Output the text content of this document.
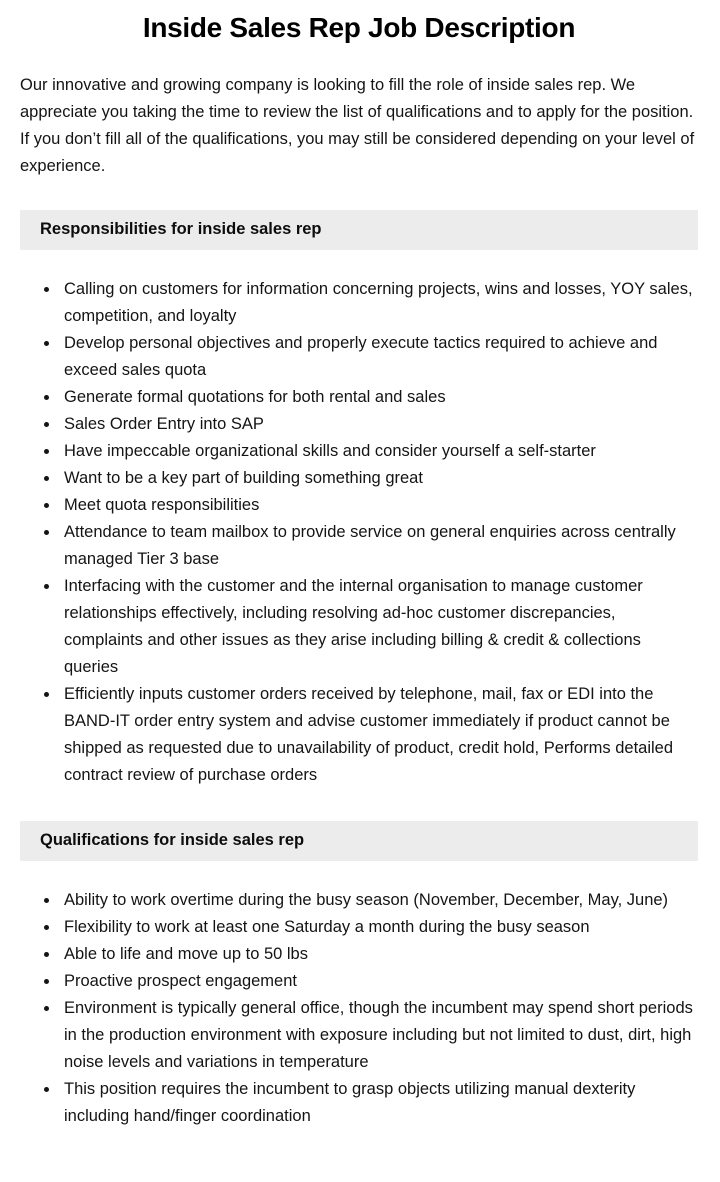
Inside Sales Rep Job Description

Our innovative and growing company is looking to fill the role of inside sales rep. We appreciate you taking the time to review the list of qualifications and to apply for the position. If you don’t fill all of the qualifications, you may still be considered depending on your level of experience.

Responsibilities for inside sales rep
• Calling on customers for information concerning projects, wins and losses, YOY sales, competition, and loyalty
• Develop personal objectives and properly execute tactics required to achieve and exceed sales quota
• Generate formal quotations for both rental and sales
• Sales Order Entry into SAP
• Have impeccable organizational skills and consider yourself a self-starter
• Want to be a key part of building something great
• Meet quota responsibilities
• Attendance to team mailbox to provide service on general enquiries across centrally managed Tier 3 base
• Interfacing with the customer and the internal organisation to manage customer relationships effectively, including resolving ad-hoc customer discrepancies, complaints and other issues as they arise including billing & credit & collections queries
• Efficiently inputs customer orders received by telephone, mail, fax or EDI into the BAND-IT order entry system and advise customer immediately if product cannot be shipped as requested due to unavailability of product, credit hold, Performs detailed contract review of purchase orders
Qualifications for inside sales rep
• Ability to work overtime during the busy season (November, December, May, June)
• Flexibility to work at least one Saturday a month during the busy season
• Able to life and move up to 50 lbs
• Proactive prospect engagement
• Environment is typically general office, though the incumbent may spend short periods in the production environment with exposure including but not limited to dust, dirt, high noise levels and variations in temperature
• This position requires the incumbent to grasp objects utilizing manual dexterity including hand/finger coordination
